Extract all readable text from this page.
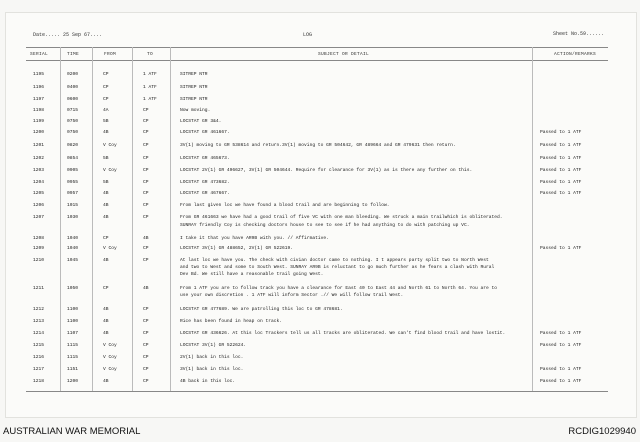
Date..... 25 Sep 67....	LOG	Sheet No.59......
SERIAL	TIME	FROM	TO	SUBJECT OR DETAIL	ACTION/REMARKS
1195	0200	CP	1 ATF	SITREP NTR
1196	0400	CP	1 ATF	SITREP NTR
1197	0600	CP	1 ATF	SITREP NTR
1198	0715	4A	CP	Now moving.
1199	0750	5B	CP	LOCSTAT GR 3&4.
1200	0750	4B	CP	LOCSTAT GR 461667.	Passed to 1 ATF
1201	0820	V Coy	CP	3V(1) moving to GR 538614 and return.3V(1) moving to GR 504642, GR 489664 and GR 479631 then return.	Passed to 1 ATF
1202	0854	5B	CP	LOCSTAT GR 465673.	Passed to 1 ATF
1203	0905	V Coy	CP	LOCSTAT 2V(1) GR 496627, 3V(1) GR 504644. Require for clearance for 3V(1) as is there any further on this.	Passed to 1 ATF
1204	0955	5B	CP	LOCSTAT GR 473682.	Passed to 1 ATF
1205	0957	4B	CP	LOCSTAT GR 467667.	Passed to 1 ATF
1206	1015	4B	CP	From last given loc we have found a blood trail and are beginning to follow.
1207	1030	4B	CP	From GR 461663 we have had a good trail of five VC with one man bleeding. We struck a main trailwhich is obliterated.
SUNRAY friendly Coy is checking doctors house to see to see if he had anything to do with patching up VC.
1208	1040	CP	4B	I take it that you have AR9B with you. // Affirmative.
1209	1040	V Coy	CP	LOCSTAT 3V(1) GR 488652, 2V(1) GR 522619.	Passed to 1 ATF
1210	1045	4B	CP	At last loc we have you. The check with civian doctor came to nothing. I t appears party split two to North West
and two to West and some to South West. SUNRAY AR9B is reluctant to go much further as he fears a clash with Rural
Dev Bd. We still have a reasonable trail going West.
1211	1050	CP	4B	From 1 ATF you are to follow track you have a clearance for East 40 to East 44 and North 61 to North 64. You are to
use your own discretion . 1 ATF will inform Sector .// We will follow trail West.
1212	1100	4B	CP	LOCSTAT GR 477689. We are patrolling this loc to GR 478681.
1213	1100	4B	CP	Rice has been found in heap on track.
1214	1107	4B	CP	LOCSTAT GR 436626. At this loc Trackers tell us all tracks are obliterated. We can't find blood trail and have lostit.	Passed to 1 ATF
1215	1115	V Coy	CP	LOCSTAT 3V(1) GR 522624.	Passed to 1 ATF
1216	1115	V Coy	CP	2V(1) back in this loc.
1217	1151	V Coy	CP	3V(1) back in this loc.	Passed to 1 ATF
1218	1200	4B	CP	4B back in this loc.	Passed to 1 ATF
AUSTRALIAN WAR MEMORIAL	RCDIG1029940
